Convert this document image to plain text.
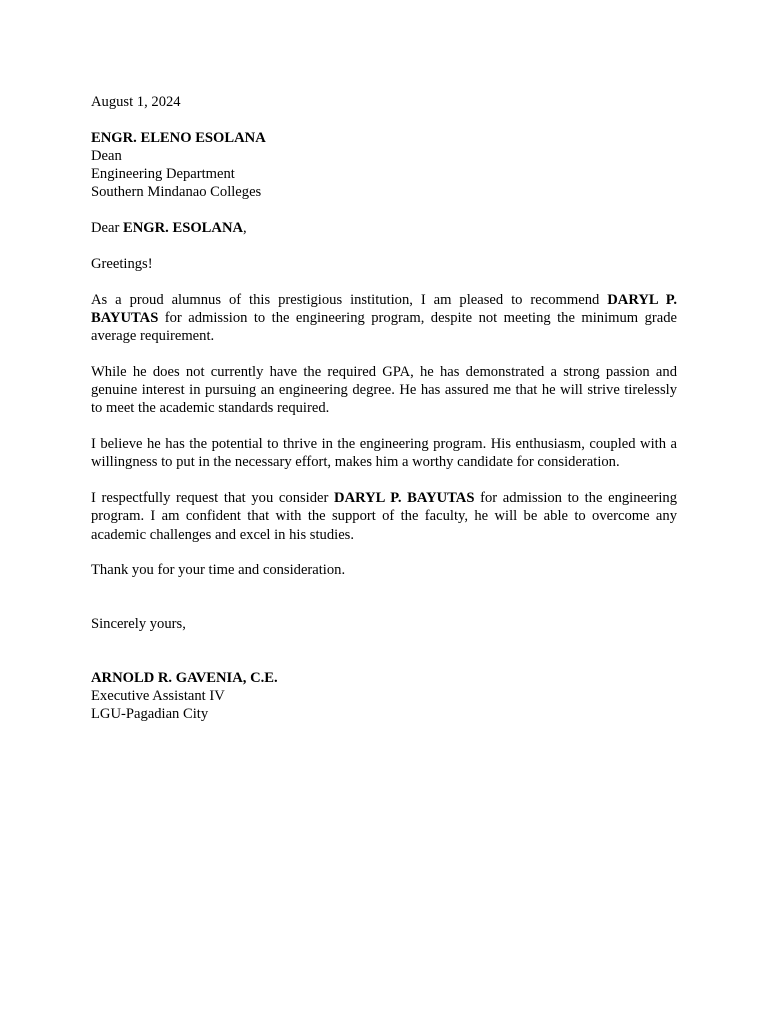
August 1, 2024

ENGR. ELENO ESOLANA

Dean

Engineering Department

Southern Mindanao Colleges

Dear ENGR. ESOLANA,

Greetings!

As a proud alumnus of this prestigious institution, I am pleased to recommend DARYL P. BAYUTAS for admission to the engineering program, despite not meeting the minimum grade average requirement.

While he does not currently have the required GPA, he has demonstrated a strong passion and genuine interest in pursuing an engineering degree. He has assured me that he will strive tirelessly to meet the academic standards required.

I believe he has the potential to thrive in the engineering program. His enthusiasm, coupled with a willingness to put in the necessary effort, makes him a worthy candidate for consideration.

I respectfully request that you consider DARYL P. BAYUTAS for admission to the engineering program. I am confident that with the support of the faculty, he will be able to overcome any academic challenges and excel in his studies.

Thank you for your time and consideration.

Sincerely yours,

ARNOLD R. GAVENIA, C.E.

Executive Assistant IV

LGU-Pagadian City
